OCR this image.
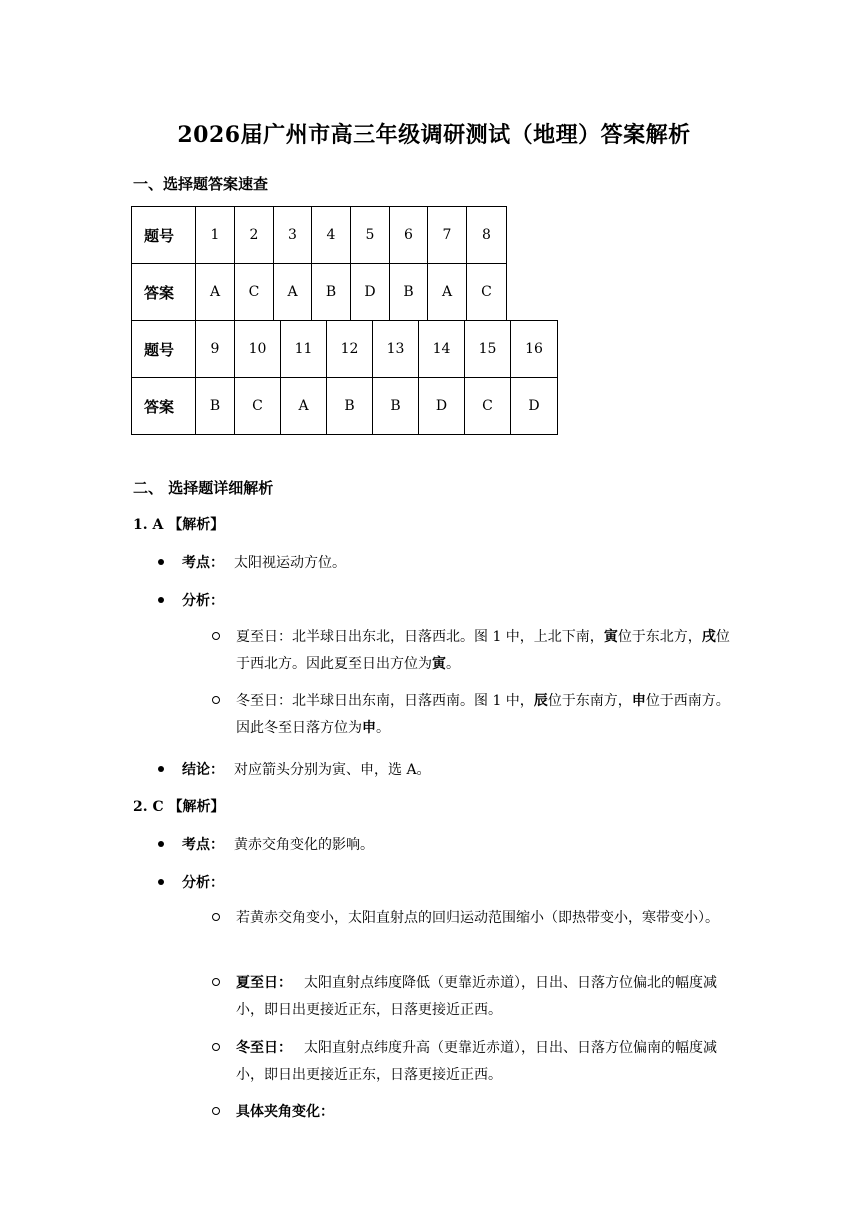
2026届广州市高三年级调研测试（地理）答案解析
一、选择题答案速查
题号	1	2	3	4	5	6	7	8
答案	A	C	A	B	D	B	A	C
题号	9	10	11	12	13	14	15	16
答案	B	C	A	B	B	D	C	D
二、 选择题详细解析
1. A 【解析】
考点： 太阳视运动方位。
分析：
夏至日：北半球日出东北，日落西北。图 1 中，上北下南，寅位于东北方，戌位于西北方。因此夏至日出方位为寅。
冬至日：北半球日出东南，日落西南。图 1 中，辰位于东南方，申位于西南方。因此冬至日落方位为申。
结论： 对应箭头分别为寅、申，选 A。
2. C 【解析】
考点： 黄赤交角变化的影响。
分析：
若黄赤交角变小，太阳直射点的回归运动范围缩小（即热带变小，寒带变小）。
夏至日： 太阳直射点纬度降低（更靠近赤道），日出、日落方位偏北的幅度减小，即日出更接近正东，日落更接近正西。
冬至日： 太阳直射点纬度升高（更靠近赤道），日出、日落方位偏南的幅度减小，即日出更接近正东，日落更接近正西。
具体夹角变化：
